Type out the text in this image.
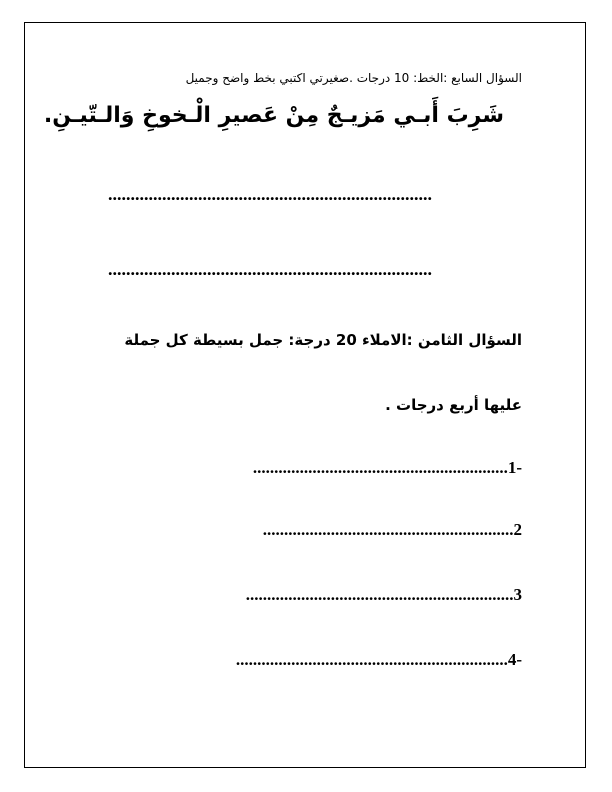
السؤال السابع :الخط: 10 درجات .صغيرتي اكتبي بخط واضح وجميل
شَرِبَ أَبـي مَزيـجٌ مِنْ عَصيرِ الْـخوخِ وَالـتّيـنِ.
........................................................................
........................................................................
السؤال الثامن :الاملاء 20 درجة: جمل بسيطة كل جملة
عليها أربع درجات .
............................................................1-
...........................................................2
...............................................................3
................................................................4-
